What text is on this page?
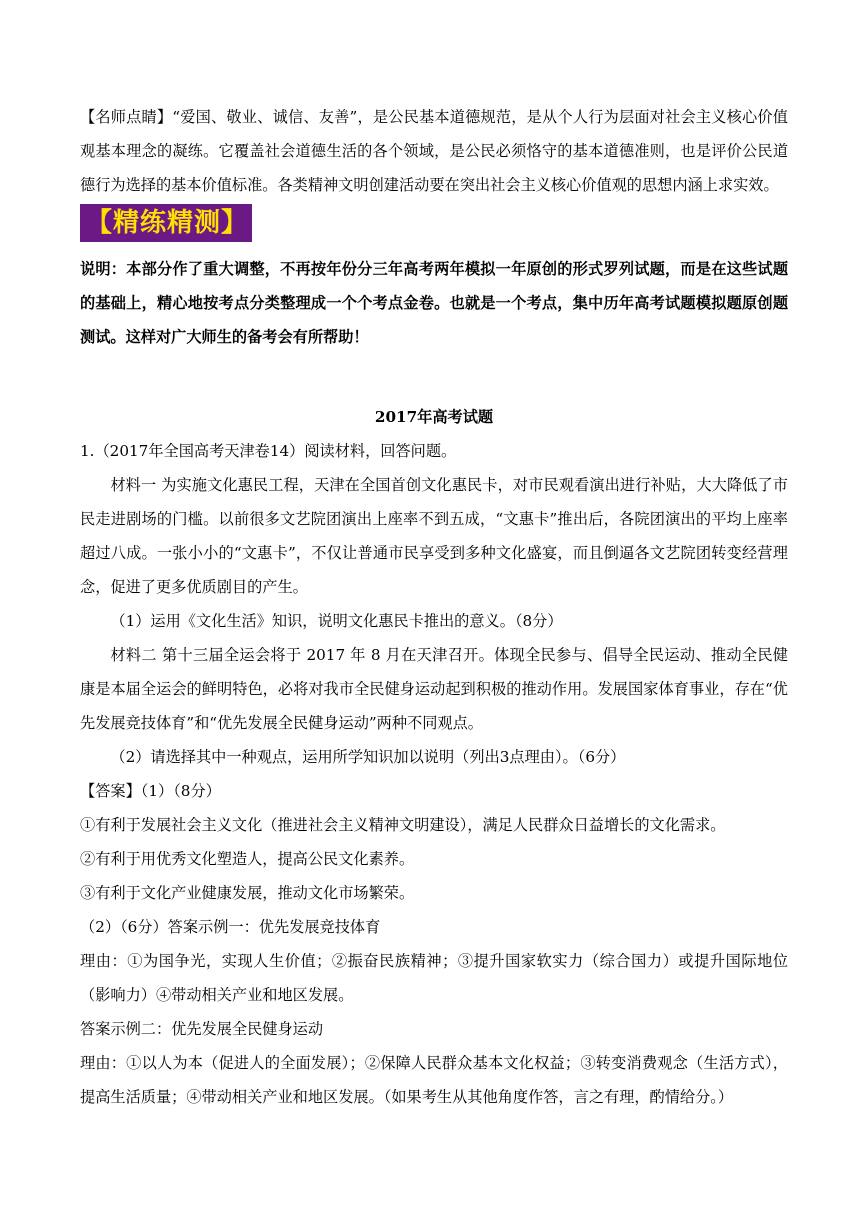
【名师点睛】“爱国、敬业、诚信、友善”，是公民基本道德规范，是从个人行为层面对社会主义核心价值观基本理念的凝练。它覆盖社会道德生活的各个领域，是公民必须恪守的基本道德准则，也是评价公民道德行为选择的基本价值标准。各类精神文明创建活动要在突出社会主义核心价值观的思想内涵上求实效。

【精练精测】

说明：本部分作了重大调整，不再按年份分三年高考两年模拟一年原创的形式罗列试题，而是在这些试题的基础上，精心地按考点分类整理成一个个考点金卷。也就是一个考点，集中历年高考试题模拟题原创题测试。这样对广大师生的备考会有所帮助！

2017年高考试题

1.（2017年全国高考天津卷14）阅读材料，回答问题。

材料一 为实施文化惠民工程，天津在全国首创文化惠民卡，对市民观看演出进行补贴，大大降低了市民走进剧场的门槛。以前很多文艺院团演出上座率不到五成，“文惠卡”推出后，各院团演出的平均上座率超过八成。一张小小的“文惠卡”，不仅让普通市民享受到多种文化盛宴，而且倒逼各文艺院团转变经营理念，促进了更多优质剧目的产生。

（1）运用《文化生活》知识，说明文化惠民卡推出的意义。（8分）

材料二 第十三届全运会将于 2017 年 8 月在天津召开。体现全民参与、倡导全民运动、推动全民健康是本届全运会的鲜明特色，必将对我市全民健身运动起到积极的推动作用。发展国家体育事业，存在“优先发展竞技体育”和“优先发展全民健身运动”两种不同观点。

（2）请选择其中一种观点，运用所学知识加以说明（列出3点理由）。（6分）

【答案】（1）（8分）

①有利于发展社会主义文化（推进社会主义精神文明建设），满足人民群众日益增长的文化需求。

②有利于用优秀文化塑造人，提高公民文化素养。

③有利于文化产业健康发展，推动文化市场繁荣。

（2）（6分）答案示例一：优先发展竞技体育

理由：①为国争光，实现人生价值；②振奋民族精神；③提升国家软实力（综合国力）或提升国际地位（影响力）④带动相关产业和地区发展。

答案示例二：优先发展全民健身运动

理由：①以人为本（促进人的全面发展）；②保障人民群众基本文化权益；③转变消费观念（生活方式），提高生活质量；④带动相关产业和地区发展。（如果考生从其他角度作答，言之有理，酌情给分。）
